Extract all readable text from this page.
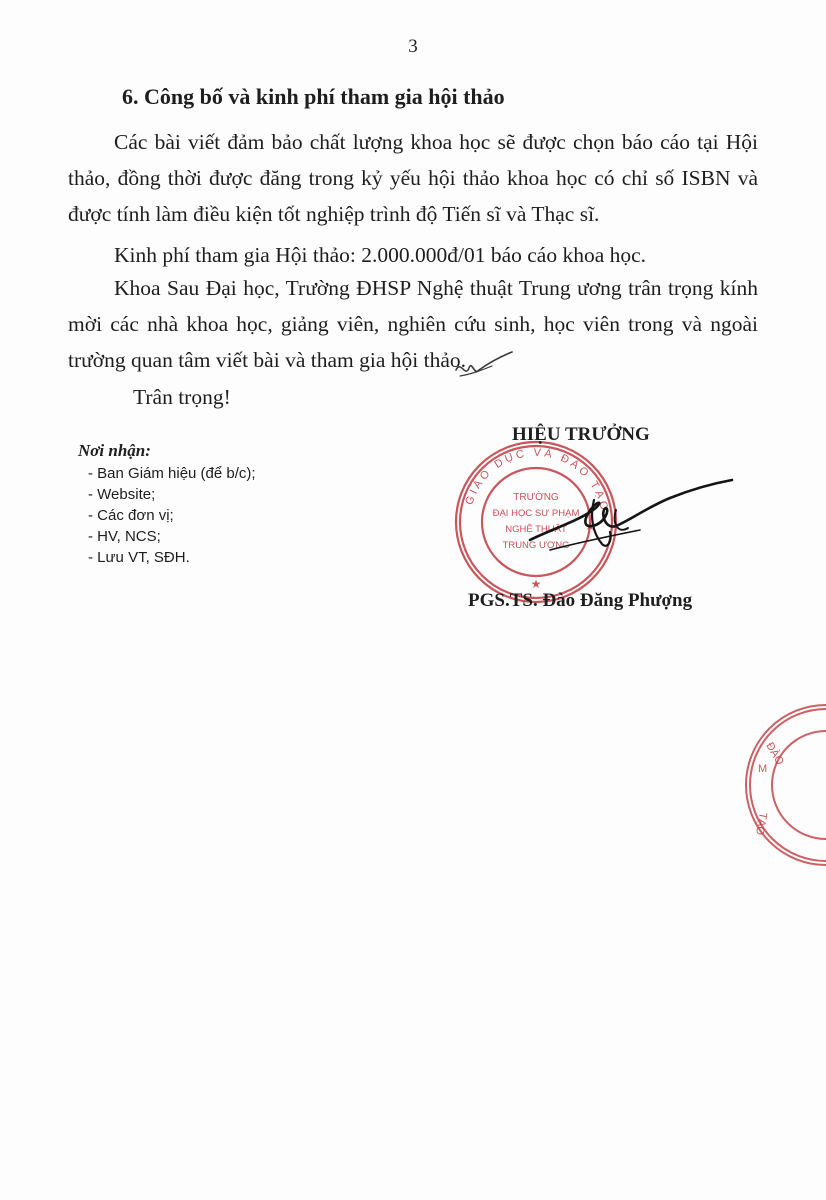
3
6. Công bố và kinh phí tham gia hội thảo
Các bài viết đảm bảo chất lượng khoa học sẽ được chọn báo cáo tại Hội thảo, đồng thời được đăng trong kỷ yếu hội thảo khoa học có chỉ số ISBN và được tính làm điều kiện tốt nghiệp trình độ Tiến sĩ và Thạc sĩ.
Kinh phí tham gia Hội thảo: 2.000.000đ/01 báo cáo khoa học.
Khoa Sau Đại học, Trường ĐHSP Nghệ thuật Trung ương trân trọng kính mời các nhà khoa học, giảng viên, nghiên cứu sinh, học viên trong và ngoài trường quan tâm viết bài và tham gia hội thảo.
Trân trọng!
Nơi nhận:
- Ban Giám hiệu (để b/c);
- Website;
- Các đơn vị;
- HV, NCS;
- Lưu VT, SĐH.
GIÁO DỤC VÀ ĐÀO TẠO
★
★
TRƯỜNG
ĐẠI HỌC SƯ PHẠM
NGHỆ THUẬT
TRUNG ƯƠNG
HIỆU TRƯỞNG
PGS.TS. Đào Đăng Phượng
ĐÀO
M
TẠO
